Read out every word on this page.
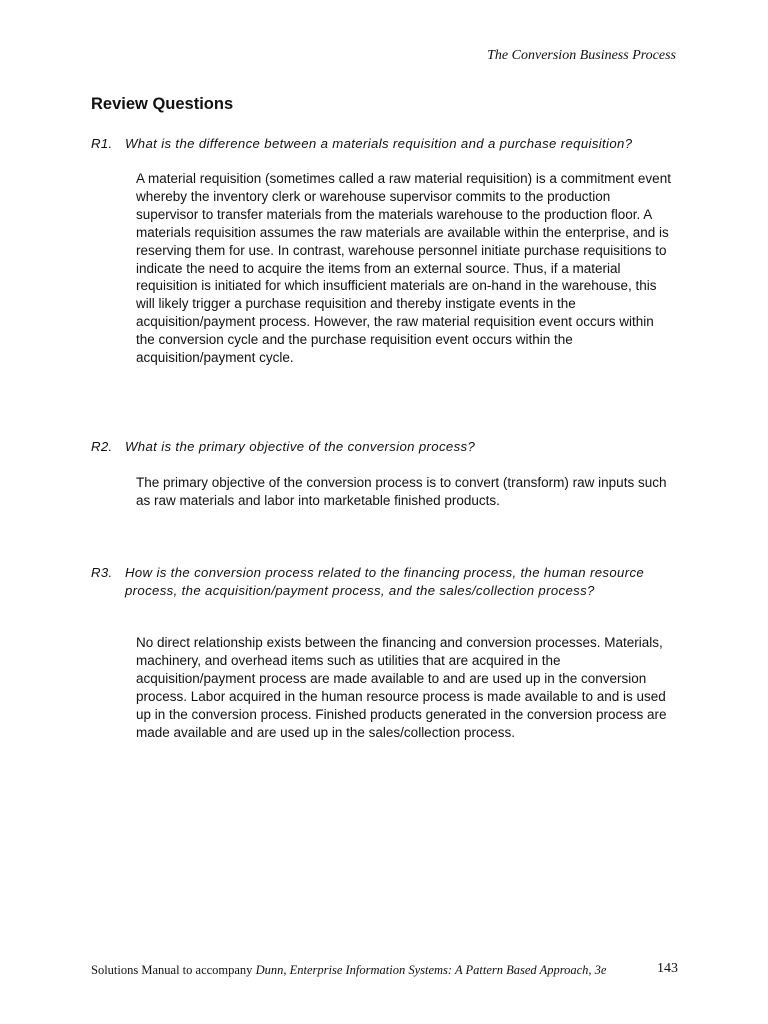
The Conversion Business Process
Review Questions
R1. What is the difference between a materials requisition and a purchase requisition?

A material requisition (sometimes called a raw material requisition) is a commitment event whereby the inventory clerk or warehouse supervisor commits to the production supervisor to transfer materials from the materials warehouse to the production floor. A materials requisition assumes the raw materials are available within the enterprise, and is reserving them for use. In contrast, warehouse personnel initiate purchase requisitions to indicate the need to acquire the items from an external source. Thus, if a material requisition is initiated for which insufficient materials are on-hand in the warehouse, this will likely trigger a purchase requisition and thereby instigate events in the acquisition/payment process. However, the raw material requisition event occurs within the conversion cycle and the purchase requisition event occurs within the acquisition/payment cycle.

R2. What is the primary objective of the conversion process?

The primary objective of the conversion process is to convert (transform) raw inputs such as raw materials and labor into marketable finished products.

R3. How is the conversion process related to the financing process, the human resource process, the acquisition/payment process, and the sales/collection process?

No direct relationship exists between the financing and conversion processes. Materials, machinery, and overhead items such as utilities that are acquired in the acquisition/payment process are made available to and are used up in the conversion process. Labor acquired in the human resource process is made available to and is used up in the conversion process. Finished products generated in the conversion process are made available and are used up in the sales/collection process.

Solutions Manual to accompany Dunn, Enterprise Information Systems: A Pattern Based Approach, 3e	143
